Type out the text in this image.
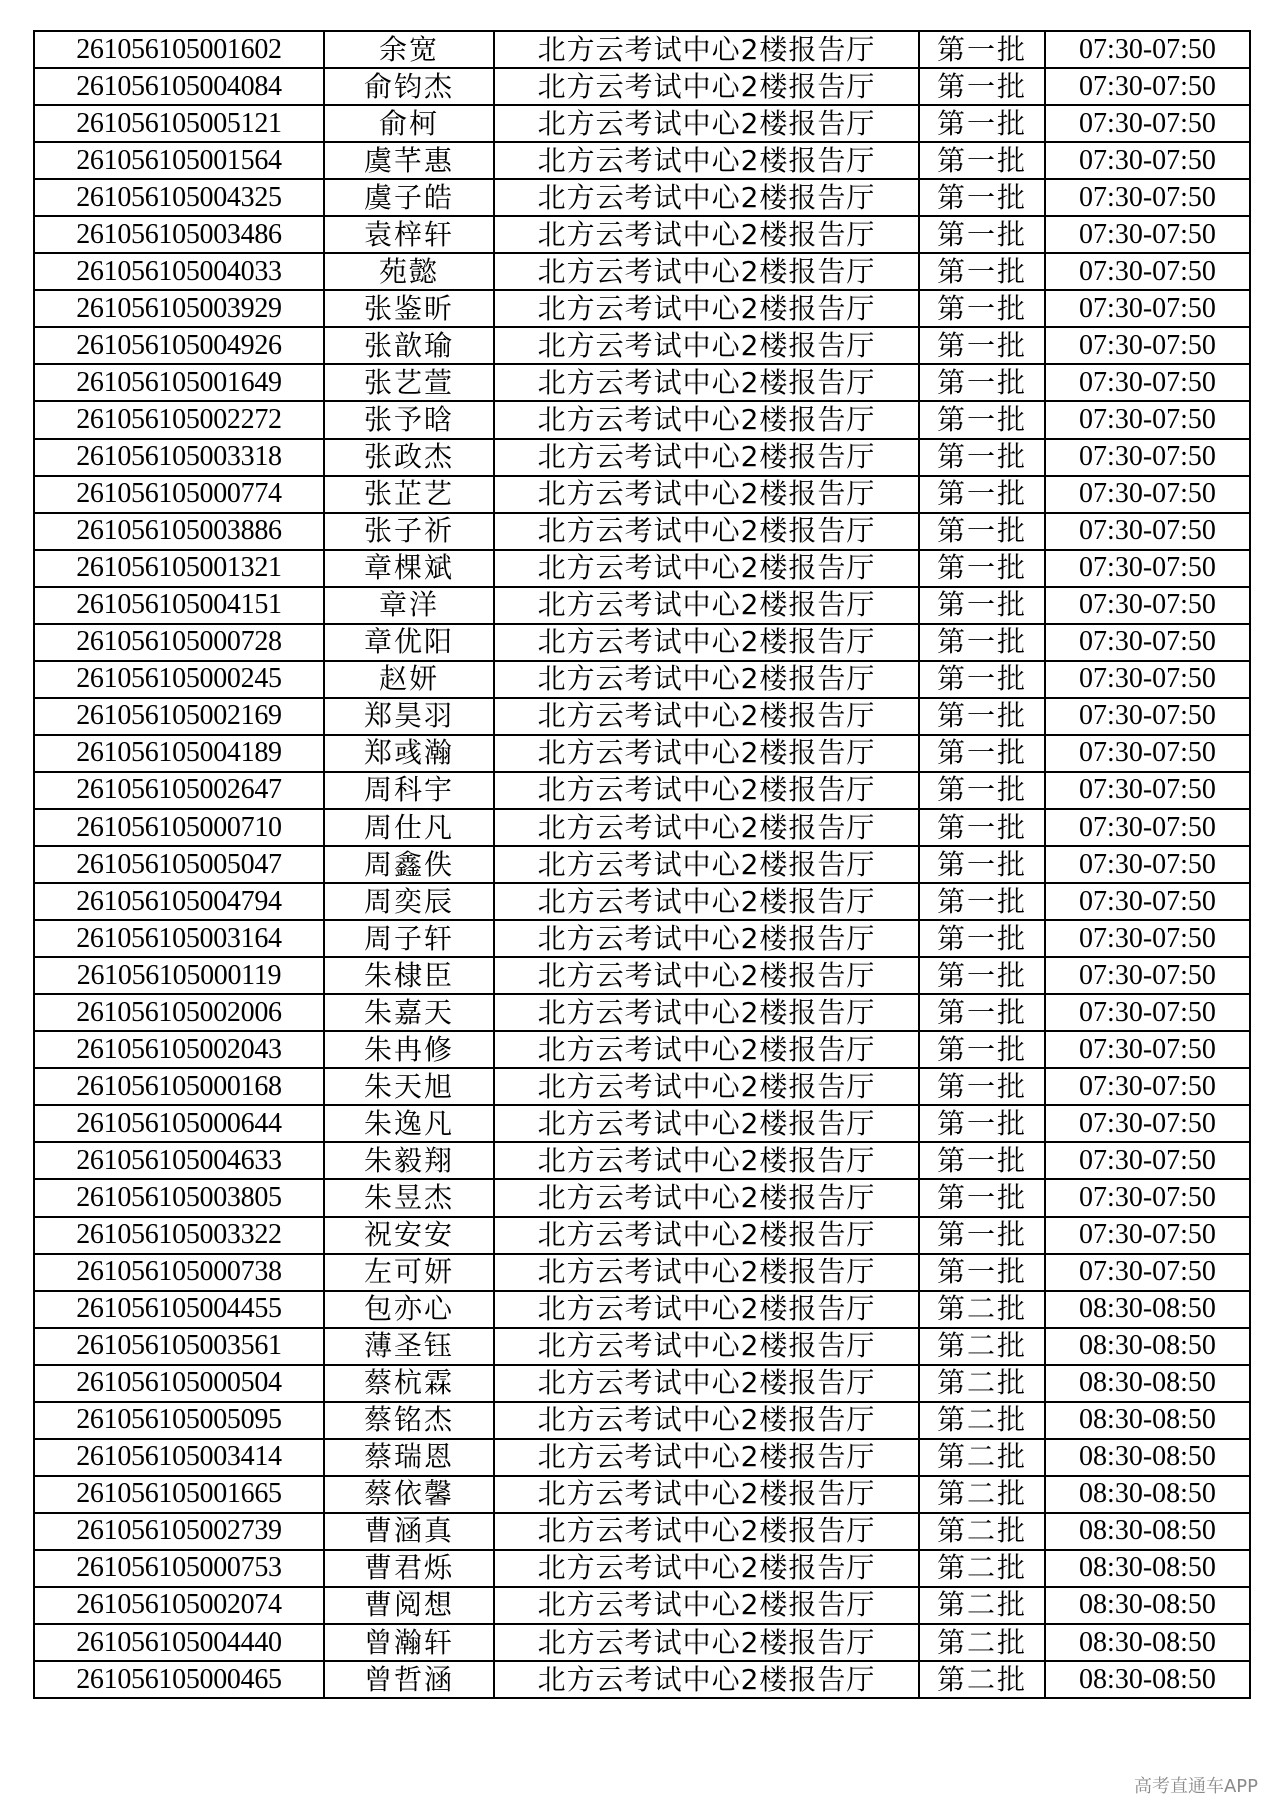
261056105001602	余宽	北方云考试中心2楼报告厅	第一批	07:30-07:50
261056105004084	俞钧杰	北方云考试中心2楼报告厅	第一批	07:30-07:50
261056105005121	俞柯	北方云考试中心2楼报告厅	第一批	07:30-07:50
261056105001564	虞芊惠	北方云考试中心2楼报告厅	第一批	07:30-07:50
261056105004325	虞子皓	北方云考试中心2楼报告厅	第一批	07:30-07:50
261056105003486	袁梓轩	北方云考试中心2楼报告厅	第一批	07:30-07:50
261056105004033	苑懿	北方云考试中心2楼报告厅	第一批	07:30-07:50
261056105003929	张鉴昕	北方云考试中心2楼报告厅	第一批	07:30-07:50
261056105004926	张歆瑜	北方云考试中心2楼报告厅	第一批	07:30-07:50
261056105001649	张艺萱	北方云考试中心2楼报告厅	第一批	07:30-07:50
261056105002272	张予晗	北方云考试中心2楼报告厅	第一批	07:30-07:50
261056105003318	张政杰	北方云考试中心2楼报告厅	第一批	07:30-07:50
261056105000774	张芷艺	北方云考试中心2楼报告厅	第一批	07:30-07:50
261056105003886	张子祈	北方云考试中心2楼报告厅	第一批	07:30-07:50
261056105001321	章棵斌	北方云考试中心2楼报告厅	第一批	07:30-07:50
261056105004151	章洋	北方云考试中心2楼报告厅	第一批	07:30-07:50
261056105000728	章优阳	北方云考试中心2楼报告厅	第一批	07:30-07:50
261056105000245	赵妍	北方云考试中心2楼报告厅	第一批	07:30-07:50
261056105002169	郑昊羽	北方云考试中心2楼报告厅	第一批	07:30-07:50
261056105004189	郑彧瀚	北方云考试中心2楼报告厅	第一批	07:30-07:50
261056105002647	周科宇	北方云考试中心2楼报告厅	第一批	07:30-07:50
261056105000710	周仕凡	北方云考试中心2楼报告厅	第一批	07:30-07:50
261056105005047	周鑫佚	北方云考试中心2楼报告厅	第一批	07:30-07:50
261056105004794	周奕辰	北方云考试中心2楼报告厅	第一批	07:30-07:50
261056105003164	周子轩	北方云考试中心2楼报告厅	第一批	07:30-07:50
261056105000119	朱棣臣	北方云考试中心2楼报告厅	第一批	07:30-07:50
261056105002006	朱嘉天	北方云考试中心2楼报告厅	第一批	07:30-07:50
261056105002043	朱冉修	北方云考试中心2楼报告厅	第一批	07:30-07:50
261056105000168	朱天旭	北方云考试中心2楼报告厅	第一批	07:30-07:50
261056105000644	朱逸凡	北方云考试中心2楼报告厅	第一批	07:30-07:50
261056105004633	朱毅翔	北方云考试中心2楼报告厅	第一批	07:30-07:50
261056105003805	朱昱杰	北方云考试中心2楼报告厅	第一批	07:30-07:50
261056105003322	祝安安	北方云考试中心2楼报告厅	第一批	07:30-07:50
261056105000738	左可妍	北方云考试中心2楼报告厅	第一批	07:30-07:50
261056105004455	包亦心	北方云考试中心2楼报告厅	第二批	08:30-08:50
261056105003561	薄圣钰	北方云考试中心2楼报告厅	第二批	08:30-08:50
261056105000504	蔡杭霖	北方云考试中心2楼报告厅	第二批	08:30-08:50
261056105005095	蔡铭杰	北方云考试中心2楼报告厅	第二批	08:30-08:50
261056105003414	蔡瑞恩	北方云考试中心2楼报告厅	第二批	08:30-08:50
261056105001665	蔡依馨	北方云考试中心2楼报告厅	第二批	08:30-08:50
261056105002739	曹涵真	北方云考试中心2楼报告厅	第二批	08:30-08:50
261056105000753	曹君烁	北方云考试中心2楼报告厅	第二批	08:30-08:50
261056105002074	曹阅想	北方云考试中心2楼报告厅	第二批	08:30-08:50
261056105004440	曾瀚轩	北方云考试中心2楼报告厅	第二批	08:30-08:50
261056105000465	曾哲涵	北方云考试中心2楼报告厅	第二批	08:30-08:50
高考直通车APP
